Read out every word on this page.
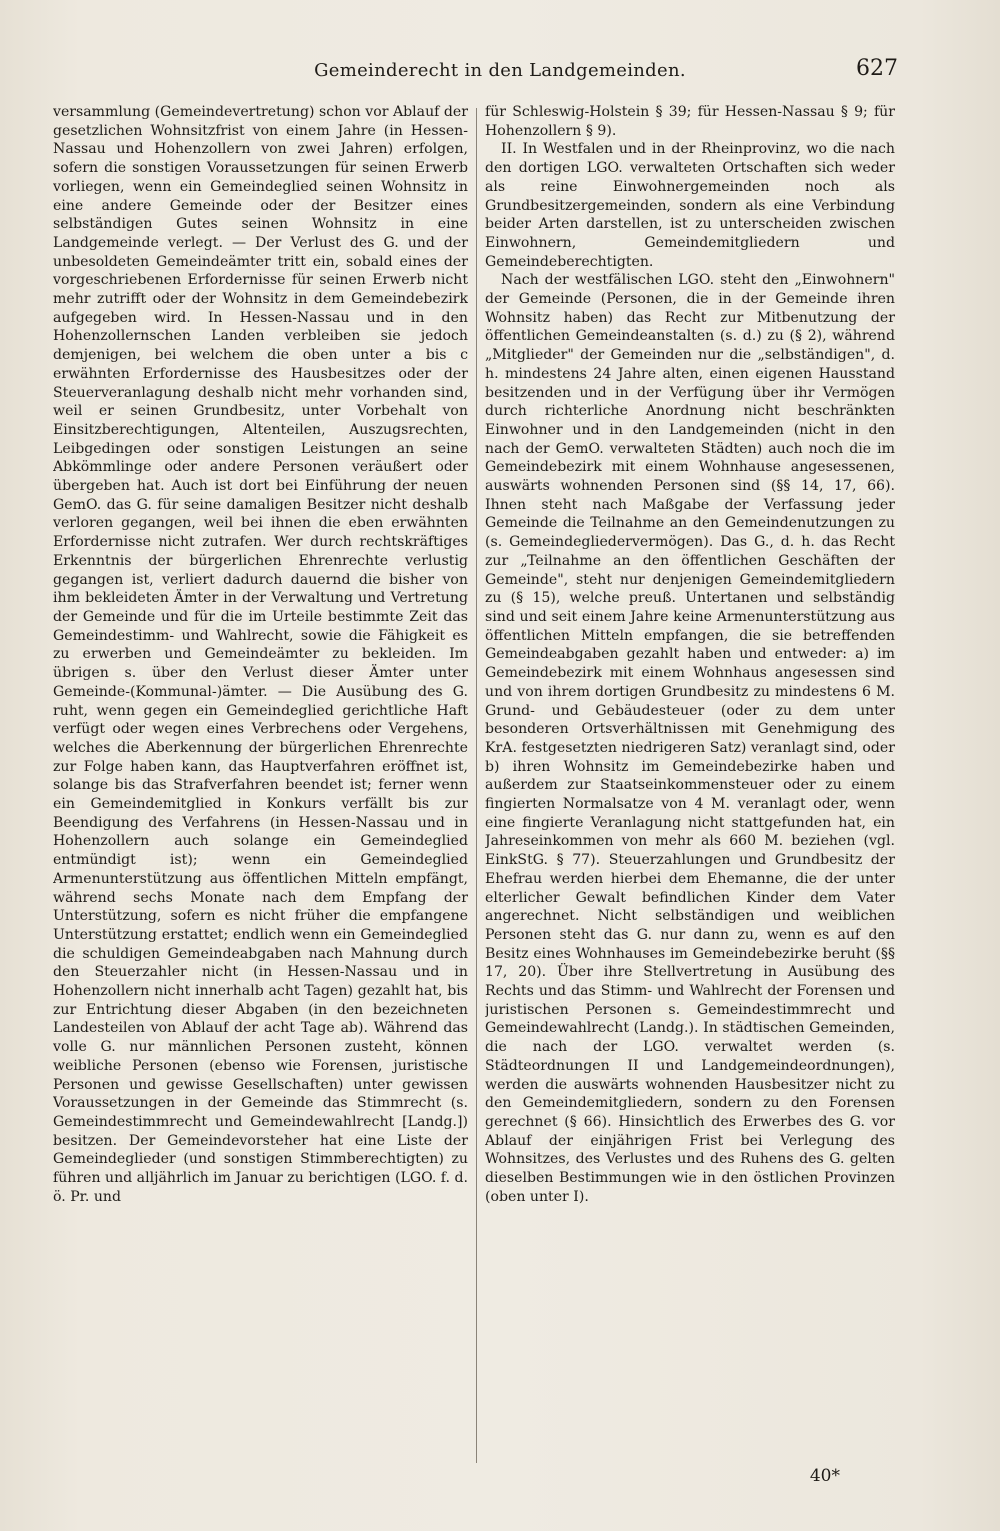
Gemeinderecht in den Landgemeinden.	627

versammlung (Gemeindevertretung) schon vor Ablauf der gesetzlichen Wohnsitzfrist von einem Jahre (in Hessen-Nassau und Hohenzollern von zwei Jahren) erfolgen, sofern die sonstigen Voraussetzungen für seinen Erwerb vorliegen, wenn ein Gemeindeglied seinen Wohnsitz in eine andere Gemeinde oder der Besitzer eines selbständigen Gutes seinen Wohnsitz in eine Landgemeinde verlegt. — Der Verlust des G. und der unbesoldeten Gemeindeämter tritt ein, sobald eines der vorgeschriebenen Erfordernisse für seinen Erwerb nicht mehr zutrifft oder der Wohnsitz in dem Gemeindebezirk aufgegeben wird. In Hessen-Nassau und in den Hohenzollernschen Landen verbleiben sie jedoch demjenigen, bei welchem die oben unter a bis c erwähnten Erfordernisse des Hausbesitzes oder der Steuerveranlagung deshalb nicht mehr vorhanden sind, weil er seinen Grundbesitz, unter Vorbehalt von Einsitzberechtigungen, Altenteilen, Auszugsrechten, Leibgedingen oder sonstigen Leistungen an seine Abkömmlinge oder andere Personen veräußert oder übergeben hat. Auch ist dort bei Einführung der neuen GemO. das G. für seine damaligen Besitzer nicht deshalb verloren gegangen, weil bei ihnen die eben erwähnten Erfordernisse nicht zutrafen. Wer durch rechtskräftiges Erkenntnis der bürgerlichen Ehrenrechte verlustig gegangen ist, verliert dadurch dauernd die bisher von ihm bekleideten Ämter in der Verwaltung und Vertretung der Gemeinde und für die im Urteile bestimmte Zeit das Gemeindestimm- und Wahlrecht, sowie die Fähigkeit es zu erwerben und Gemeindeämter zu bekleiden. Im übrigen s. über den Verlust dieser Ämter unter Gemeinde-(Kommunal-)ämter. — Die Ausübung des G. ruht, wenn gegen ein Gemeindeglied gerichtliche Haft verfügt oder wegen eines Verbrechens oder Vergehens, welches die Aberkennung der bürgerlichen Ehrenrechte zur Folge haben kann, das Hauptverfahren eröffnet ist, solange bis das Strafverfahren beendet ist; ferner wenn ein Gemeindemitglied in Konkurs verfällt bis zur Beendigung des Verfahrens (in Hessen-Nassau und in Hohenzollern auch solange ein Gemeindeglied entmündigt ist); wenn ein Gemeindeglied Armenunterstützung aus öffentlichen Mitteln empfängt, während sechs Monate nach dem Empfang der Unterstützung, sofern es nicht früher die empfangene Unterstützung erstattet; endlich wenn ein Gemeindeglied die schuldigen Gemeindeabgaben nach Mahnung durch den Steuerzahler nicht (in Hessen-Nassau und in Hohenzollern nicht innerhalb acht Tagen) gezahlt hat, bis zur Entrichtung dieser Abgaben (in den bezeichneten Landesteilen von Ablauf der acht Tage ab). Während das volle G. nur männlichen Personen zusteht, können weibliche Personen (ebenso wie Forensen, juristische Personen und gewisse Gesellschaften) unter gewissen Voraussetzungen in der Gemeinde das Stimmrecht (s. Gemeindestimmrecht und Gemeindewahlrecht [Landg.]) besitzen. Der Gemeindevorsteher hat eine Liste der Gemeindeglieder (und sonstigen Stimmberechtigten) zu führen und alljährlich im Januar zu berichtigen (LGO. f. d. ö. Pr. und

für Schleswig-Holstein § 39; für Hessen-Nassau § 9; für Hohenzollern § 9).

II. In Westfalen und in der Rheinprovinz, wo die nach den dortigen LGO. verwalteten Ortschaften sich weder als reine Einwohnergemeinden noch als Grundbesitzergemeinden, sondern als eine Verbindung beider Arten darstellen, ist zu unterscheiden zwischen Einwohnern, Gemeindemitgliedern und Gemeindeberechtigten.

Nach der westfälischen LGO. steht den „Einwohnern" der Gemeinde (Personen, die in der Gemeinde ihren Wohnsitz haben) das Recht zur Mitbenutzung der öffentlichen Gemeindeanstalten (s. d.) zu (§ 2), während „Mitglieder" der Gemeinden nur die „selbständigen", d. h. mindestens 24 Jahre alten, einen eigenen Hausstand besitzenden und in der Verfügung über ihr Vermögen durch richterliche Anordnung nicht beschränkten Einwohner und in den Landgemeinden (nicht in den nach der GemO. verwalteten Städten) auch noch die im Gemeindebezirk mit einem Wohnhause angesessenen, auswärts wohnenden Personen sind (§§ 14, 17, 66). Ihnen steht nach Maßgabe der Verfassung jeder Gemeinde die Teilnahme an den Gemeindenutzungen zu (s. Gemeindegliedervermögen). Das G., d. h. das Recht zur „Teilnahme an den öffentlichen Geschäften der Gemeinde", steht nur denjenigen Gemeindemitgliedern zu (§ 15), welche preuß. Untertanen und selbständig sind und seit einem Jahre keine Armenunterstützung aus öffentlichen Mitteln empfangen, die sie betreffenden Gemeindeabgaben gezahlt haben und entweder: a) im Gemeindebezirk mit einem Wohnhaus angesessen sind und von ihrem dortigen Grundbesitz zu mindestens 6 M. Grund- und Gebäudesteuer (oder zu dem unter besonderen Ortsverhältnissen mit Genehmigung des KrA. festgesetzten niedrigeren Satz) veranlagt sind, oder b) ihren Wohnsitz im Gemeindebezirke haben und außerdem zur Staatseinkommensteuer oder zu einem fingierten Normalsatze von 4 M. veranlagt oder, wenn eine fingierte Veranlagung nicht stattgefunden hat, ein Jahreseinkommen von mehr als 660 M. beziehen (vgl. EinkStG. § 77). Steuerzahlungen und Grundbesitz der Ehefrau werden hierbei dem Ehemanne, die der unter elterlicher Gewalt befindlichen Kinder dem Vater angerechnet. Nicht selbständigen und weiblichen Personen steht das G. nur dann zu, wenn es auf den Besitz eines Wohnhauses im Gemeindebezirke beruht (§§ 17, 20). Über ihre Stellvertretung in Ausübung des Rechts und das Stimm- und Wahlrecht der Forensen und juristischen Personen s. Gemeindestimmrecht und Gemeindewahlrecht (Landg.). In städtischen Gemeinden, die nach der LGO. verwaltet werden (s. Städteordnungen II und Landgemeindeordnungen), werden die auswärts wohnenden Hausbesitzer nicht zu den Gemeindemitgliedern, sondern zu den Forensen gerechnet (§ 66). Hinsichtlich des Erwerbes des G. vor Ablauf der einjährigen Frist bei Verlegung des Wohnsitzes, des Verlustes und des Ruhens des G. gelten dieselben Bestimmungen wie in den östlichen Provinzen (oben unter I).

40*
